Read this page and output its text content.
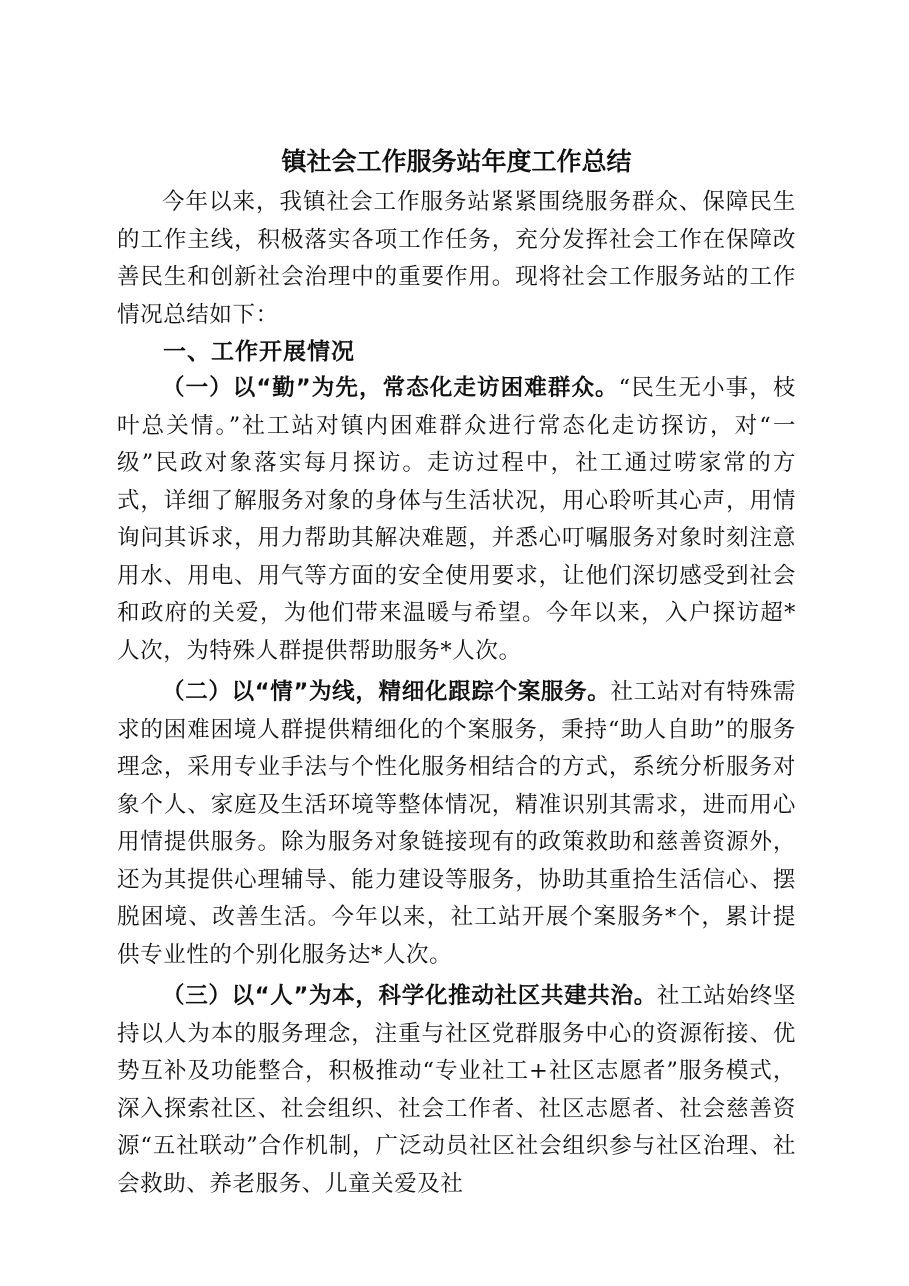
镇社会工作服务站年度工作总结

今年以来，我镇社会工作服务站紧紧围绕服务群众、保障民生的工作主线，积极落实各项工作任务，充分发挥社会工作在保障改善民生和创新社会治理中的重要作用。现将社会工作服务站的工作情况总结如下：

一、工作开展情况

（一）以“勤”为先，常态化走访困难群众。“民生无小事，枝叶总关情。”社工站对镇内困难群众进行常态化走访探访，对“一级”民政对象落实每月探访。走访过程中，社工通过唠家常的方式，详细了解服务对象的身体与生活状况，用心聆听其心声，用情询问其诉求，用力帮助其解决难题，并悉心叮嘱服务对象时刻注意用水、用电、用气等方面的安全使用要求，让他们深切感受到社会和政府的关爱，为他们带来温暖与希望。今年以来，入户探访超*人次，为特殊人群提供帮助服务*人次。

（二）以“情”为线，精细化跟踪个案服务。社工站对有特殊需求的困难困境人群提供精细化的个案服务，秉持“助人自助”的服务理念，采用专业手法与个性化服务相结合的方式，系统分析服务对象个人、家庭及生活环境等整体情况，精准识别其需求，进而用心用情提供服务。除为服务对象链接现有的政策救助和慈善资源外，还为其提供心理辅导、能力建设等服务，协助其重拾生活信心、摆脱困境、改善生活。今年以来，社工站开展个案服务*个，累计提供专业性的个别化服务达*人次。

（三）以“人”为本，科学化推动社区共建共治。社工站始终坚持以人为本的服务理念，注重与社区党群服务中心的资源衔接、优势互补及功能整合，积极推动“专业社工+社区志愿者”服务模式，深入探索社区、社会组织、社会工作者、社区志愿者、社会慈善资源“五社联动”合作机制，广泛动员社区社会组织参与社区治理、社会救助、养老服务、儿童关爱及社
